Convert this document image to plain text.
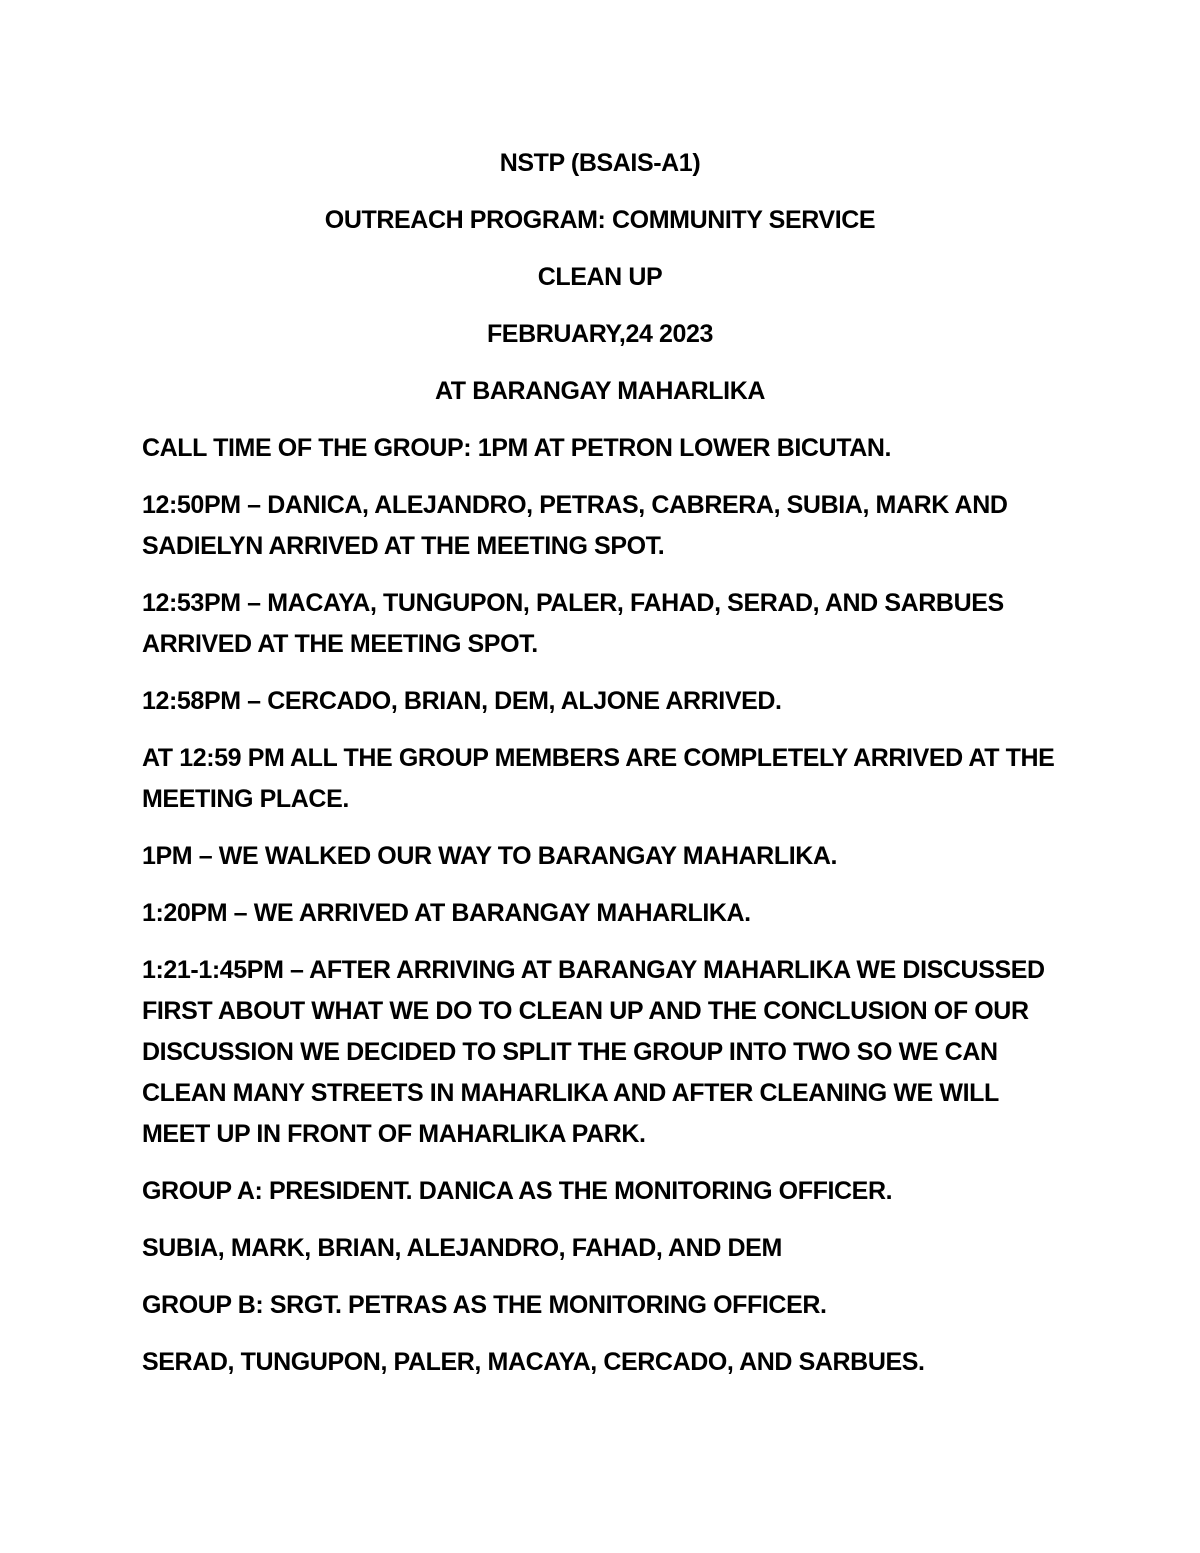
NSTP (BSAIS-A1)

OUTREACH PROGRAM: COMMUNITY SERVICE

CLEAN UP

FEBRUARY,24 2023

AT BARANGAY MAHARLIKA

CALL TIME OF THE GROUP: 1PM AT PETRON LOWER BICUTAN.

12:50PM – DANICA, ALEJANDRO, PETRAS, CABRERA, SUBIA, MARK AND SADIELYN ARRIVED AT THE MEETING SPOT.

12:53PM – MACAYA, TUNGUPON, PALER, FAHAD, SERAD, AND SARBUES ARRIVED AT THE MEETING SPOT.

12:58PM – CERCADO, BRIAN, DEM, ALJONE ARRIVED.

AT 12:59 PM ALL THE GROUP MEMBERS ARE COMPLETELY ARRIVED AT THE MEETING PLACE.

1PM – WE WALKED OUR WAY TO BARANGAY MAHARLIKA.

1:20PM – WE ARRIVED AT BARANGAY MAHARLIKA.

1:21-1:45PM – AFTER ARRIVING AT BARANGAY MAHARLIKA WE DISCUSSED FIRST ABOUT WHAT WE DO TO CLEAN UP AND THE CONCLUSION OF OUR DISCUSSION WE DECIDED TO SPLIT THE GROUP INTO TWO SO WE CAN CLEAN MANY STREETS IN MAHARLIKA AND AFTER CLEANING WE WILL MEET UP IN FRONT OF MAHARLIKA PARK.

GROUP A: PRESIDENT. DANICA AS THE MONITORING OFFICER.

SUBIA, MARK, BRIAN, ALEJANDRO, FAHAD, AND DEM

GROUP B: SRGT. PETRAS AS THE MONITORING OFFICER.

SERAD, TUNGUPON, PALER, MACAYA, CERCADO, AND SARBUES.
